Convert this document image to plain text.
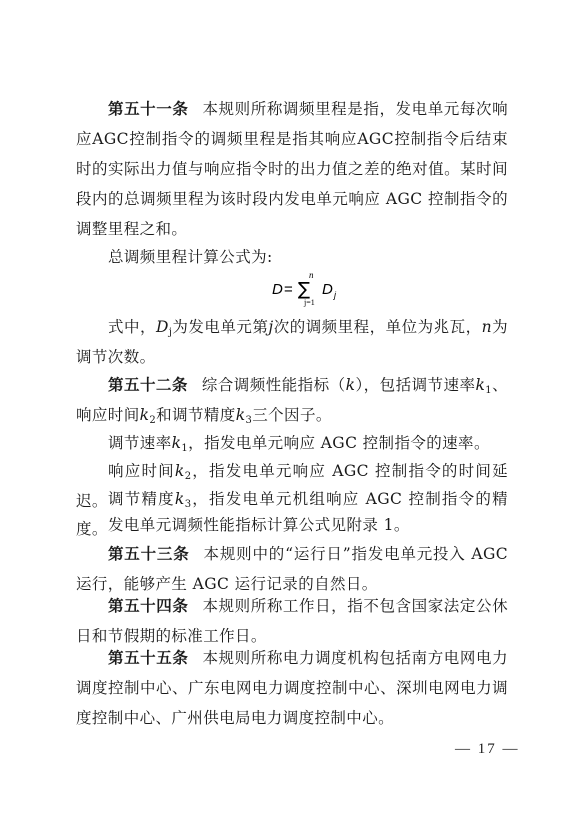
第五十一条 本规则所称调频里程是指，发电单元每次响应AGC控制指令的调频里程是指其响应AGC控制指令后结束时的实际出力值与响应指令时的出力值之差的绝对值。某时间段内的总调频里程为该时段内发电单元响应 AGC 控制指令的调整里程之和。

总调频里程计算公式为:

D =
n
∑
j=1
D j

式中，$D_j$为发电单元第j次的调频里程，单位为兆瓦，n为调节次数。

第五十二条 综合调频性能指标（k），包括调节速率$k_1$、响应时间$k_2$和调节精度$k_3$三个因子。

调节速率$k_1$，指发电单元响应 AGC 控制指令的速率。

响应时间$k_2$，指发电单元响应 AGC 控制指令的时间延迟。 调节精度$k_3$，指发电单元机组响应 AGC 控制指令的精度。 发电单元调频性能指标计算公式见附录 1。

第五十三条 本规则中的“运行日”指发电单元投入 AGC 运行，能够产生 AGC 运行记录的自然日。

第五十四条 本规则所称工作日，指不包含国家法定公休日和节假期的标准工作日。

第五十五条 本规则所称电力调度机构包括南方电网电力调度控制中心、广东电网电力调度控制中心、深圳电网电力调度控制中心、广州供电局电力调度控制中心。

— 17 —
